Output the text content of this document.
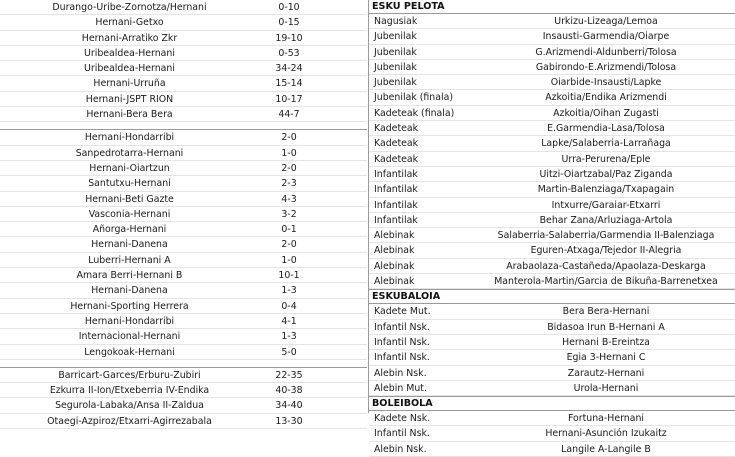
Durango-Uribe-Zornotza/Hernani	0-10
Hernani-Getxo	0-15
Hernani-Arratiko Zkr	19-10
Uribealdea-Hernani	0-53
Uribealdea-Hernani	34-24
Hernani-Urruña	15-14
Hernani-JSPT RION	10-17
Hernani-Bera Bera	44-7
Hernani-Hondarribi	2-0
Sanpedrotarra-Hernani	1-0
Hernani-Oiartzun	2-0
Santutxu-Hernani	2-3
Hernani-Beti Gazte	4-3
Vasconia-Hernani	3-2
Añorga-Hernani	0-1
Hernani-Danena	2-0
Luberri-Hernani A	1-0
Amara Berri-Hernani B	10-1
Hernani-Danena	1-3
Hernani-Sporting Herrera	0-4
Hernani-Hondarribi	4-1
Internacional-Hernani	1-3
Lengokoak-Hernani	5-0
Barricart-Garces/Erburu-Zubiri	22-35
Ezkurra II-Ion/Etxeberria IV-Endika	40-38
Segurola-Labaka/Ansa II-Zaldua	34-40
Otaegi-Azpiroz/Etxarri-Agirrezabala	13-30
ESKU PELOTA
Nagusiak	Urkizu-Lizeaga/Lemoa
Jubenilak	Insausti-Garmendia/Oiarpe
Jubenilak	G.Arizmendi-Aldunberri/Tolosa
Jubenilak	Gabirondo-E.Arizmendi/Tolosa
Jubenilak	Oiarbide-Insausti/Lapke
Jubenilak (finala)	Azkoitia/Endika Arizmendi
Kadeteak (finala)	Azkoitia/Oihan Zugasti
Kadeteak	E.Garmendia-Lasa/Tolosa
Kadeteak	Lapke/Salaberria-Larrañaga
Kadeteak	Urra-Perurena/Eple
Infantilak	Uitzi-Oiartzabal/Paz Ziganda
Infantilak	Martin-Balenziaga/Txapagain
Infantilak	Intxurre/Garaiar-Etxarri
Infantilak	Behar Zana/Arluziaga-Artola
Alebinak	Salaberria-Salaberria/Garmendia II-Balenziaga
Alebinak	Eguren-Atxaga/Tejedor II-Alegria
Alebinak	Arabaolaza-Castañeda/Apaolaza-Deskarga
Alebinak	Manterola-Martin/Garcia de Bikuña-Barrenetxea
ESKUBALOIA
Kadete Mut.	Bera Bera-Hernani
Infantil Nsk.	Bidasoa Irun B-Hernani A
Infantil Nsk.	Hernani B-Ereintza
Infantil Nsk.	Egia 3-Hernani C
Alebin Nsk.	Zarautz-Hernani
Alebin Mut.	Urola-Hernani
BOLEIBOLA
Kadete Nsk.	Fortuna-Hernani
Infantil Nsk.	Hernani-Asunción Izukaitz
Alebin Nsk.	Langile A-Langile B
